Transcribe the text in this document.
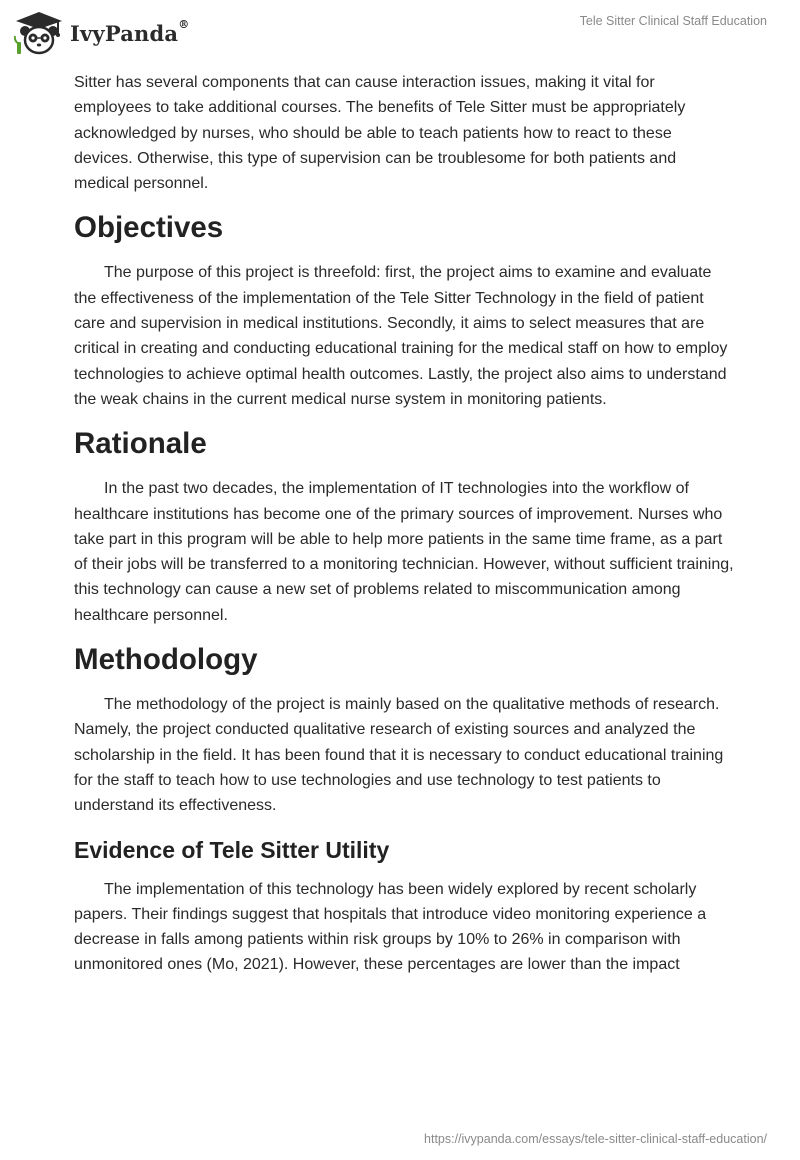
IvyPanda®	Tele Sitter Clinical Staff Education

Sitter has several components that can cause interaction issues, making it vital for employees to take additional courses. The benefits of Tele Sitter must be appropriately acknowledged by nurses, who should be able to teach patients how to react to these devices. Otherwise, this type of supervision can be troublesome for both patients and medical personnel.

Objectives

The purpose of this project is threefold: first, the project aims to examine and evaluate the effectiveness of the implementation of the Tele Sitter Technology in the field of patient care and supervision in medical institutions. Secondly, it aims to select measures that are critical in creating and conducting educational training for the medical staff on how to employ technologies to achieve optimal health outcomes. Lastly, the project also aims to understand the weak chains in the current medical nurse system in monitoring patients.

Rationale

In the past two decades, the implementation of IT technologies into the workflow of healthcare institutions has become one of the primary sources of improvement. Nurses who take part in this program will be able to help more patients in the same time frame, as a part of their jobs will be transferred to a monitoring technician. However, without sufficient training, this technology can cause a new set of problems related to miscommunication among healthcare personnel.

Methodology

The methodology of the project is mainly based on the qualitative methods of research. Namely, the project conducted qualitative research of existing sources and analyzed the scholarship in the field. It has been found that it is necessary to conduct educational training for the staff to teach how to use technologies and use technology to test patients to understand its effectiveness.

Evidence of Tele Sitter Utility

The implementation of this technology has been widely explored by recent scholarly papers. Their findings suggest that hospitals that introduce video monitoring experience a decrease in falls among patients within risk groups by 10% to 26% in comparison with unmonitored ones (Mo, 2021). However, these percentages are lower than the impact

https://ivypanda.com/essays/tele-sitter-clinical-staff-education/
